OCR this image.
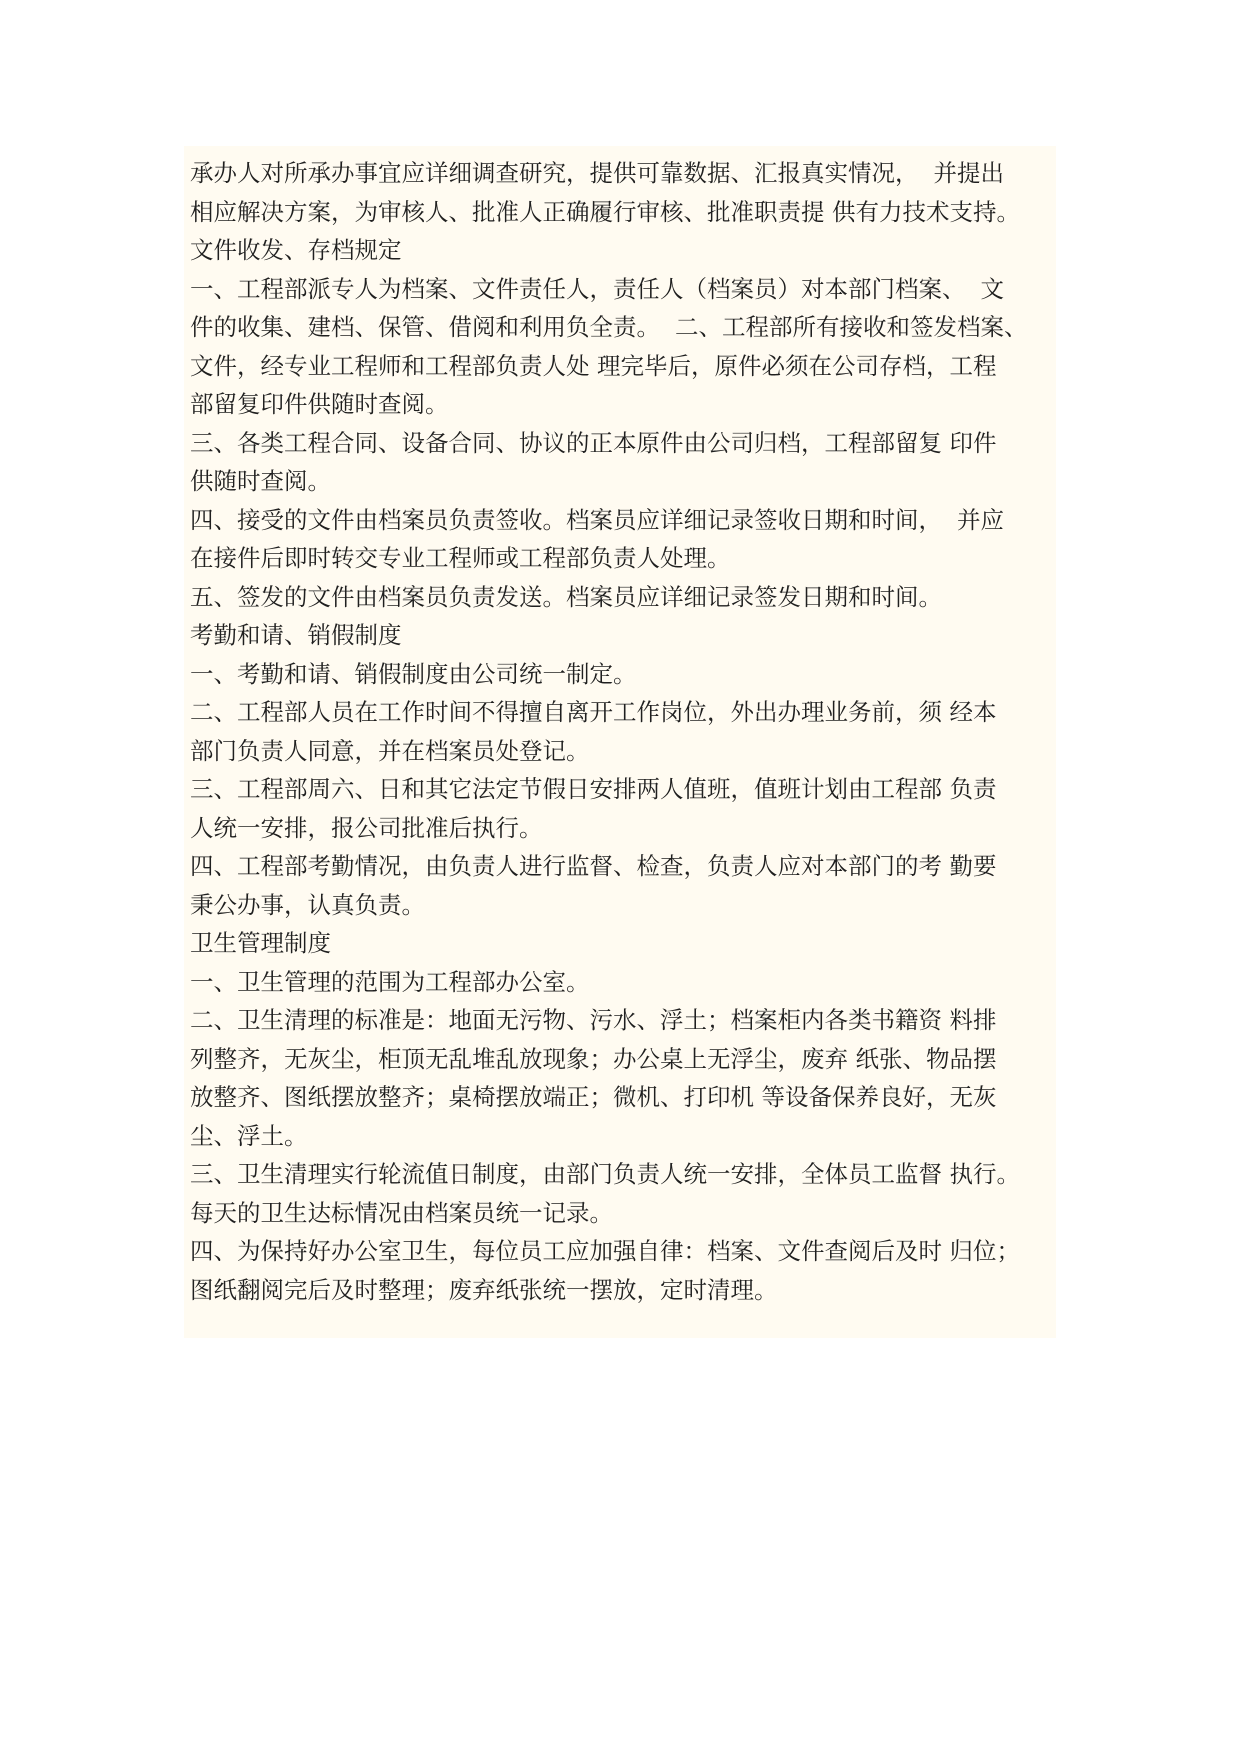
承办人对所承办事宜应详细调查研究，提供可靠数据、汇报真实情况，  并提出
相应解决方案，为审核人、批准人正确履行审核、批准职责提 供有力技术支持。
文件收发、存档规定
一、工程部派专人为档案、文件责任人，责任人（档案员）对本部门档案、  文
件的收集、建档、保管、借阅和利用负全责。  二、工程部所有接收和签发档案、
文件，经专业工程师和工程部负责人处 理完毕后，原件必须在公司存档，工程
部留复印件供随时查阅。
三、各类工程合同、设备合同、协议的正本原件由公司归档，工程部留复 印件
供随时查阅。
四、接受的文件由档案员负责签收。档案员应详细记录签收日期和时间，  并应
在接件后即时转交专业工程师或工程部负责人处理。
五、签发的文件由档案员负责发送。档案员应详细记录签发日期和时间。
考勤和请、销假制度
一、考勤和请、销假制度由公司统一制定。
二、工程部人员在工作时间不得擅自离开工作岗位，外出办理业务前，须 经本
部门负责人同意，并在档案员处登记。
三、工程部周六、日和其它法定节假日安排两人值班，值班计划由工程部 负责
人统一安排，报公司批准后执行。
四、工程部考勤情况，由负责人进行监督、检查，负责人应对本部门的考 勤要
秉公办事，认真负责。
卫生管理制度
一、卫生管理的范围为工程部办公室。
二、卫生清理的标准是：地面无污物、污水、浮土；档案柜内各类书籍资 料排
列整齐，无灰尘，柜顶无乱堆乱放现象；办公桌上无浮尘，废弃 纸张、物品摆
放整齐、图纸摆放整齐；桌椅摆放端正；微机、打印机 等设备保养良好，无灰
尘、浮土。
三、卫生清理实行轮流值日制度，由部门负责人统一安排，全体员工监督 执行。
每天的卫生达标情况由档案员统一记录。
四、为保持好办公室卫生，每位员工应加强自律：档案、文件查阅后及时 归位；
图纸翻阅完后及时整理；废弃纸张统一摆放，定时清理。
